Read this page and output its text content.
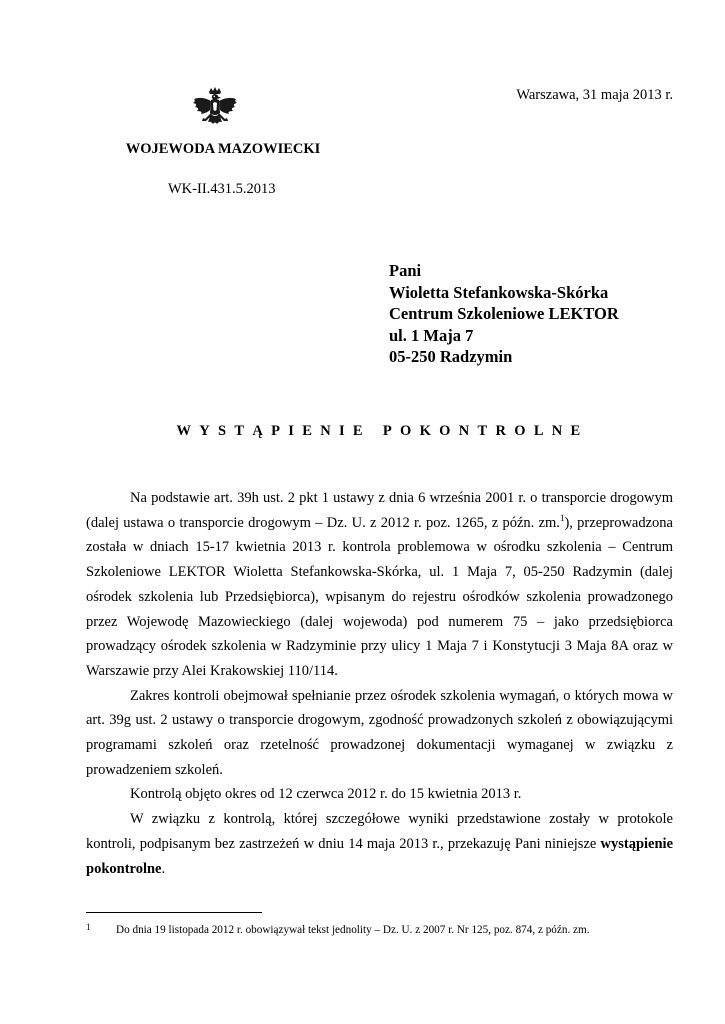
Warszawa, 31 maja 2013 r.
WOJEWODA MAZOWIECKI
WK-II.431.5.2013
Pani
Wioletta Stefankowska-Skórka
Centrum Szkoleniowe LEKTOR
ul. 1 Maja 7
05-250 Radzymin
WYSTĄPIENIE POKONTROLNE

Na podstawie art. 39h ust. 2 pkt 1 ustawy z dnia 6 września 2001 r. o transporcie drogowym (dalej ustawa o transporcie drogowym – Dz. U. z 2012 r. poz. 1265, z późn. zm.$^1$), przeprowadzona została w dniach 15-17 kwietnia 2013 r. kontrola problemowa w ośrodku szkolenia – Centrum Szkoleniowe LEKTOR Wioletta Stefankowska-Skórka, ul. 1 Maja 7, 05-250 Radzymin (dalej ośrodek szkolenia lub Przedsiębiorca), wpisanym do rejestru ośrodków szkolenia prowadzonego przez Wojewodę Mazowieckiego (dalej wojewoda) pod numerem 75 – jako przedsiębiorca prowadzący ośrodek szkolenia w Radzyminie przy ulicy 1 Maja 7 i Konstytucji 3 Maja 8A oraz w Warszawie przy Alei Krakowskiej 110/114.

Zakres kontroli obejmował spełnianie przez ośrodek szkolenia wymagań, o których mowa w art. 39g ust. 2 ustawy o transporcie drogowym, zgodność prowadzonych szkoleń z obowiązującymi programami szkoleń oraz rzetelność prowadzonej dokumentacji wymaganej w związku z prowadzeniem szkoleń.

Kontrolą objęto okres od 12 czerwca 2012 r. do 15 kwietnia 2013 r.

W związku z kontrolą, której szczegółowe wyniki przedstawione zostały w protokole kontroli, podpisanym bez zastrzeżeń w dniu 14 maja 2013 r., przekazuję Pani niniejsze wystąpienie pokontrolne.

1 Do dnia 19 listopada 2012 r. obowiązywał tekst jednolity – Dz. U. z 2007 r. Nr 125, poz. 874, z późn. zm.
